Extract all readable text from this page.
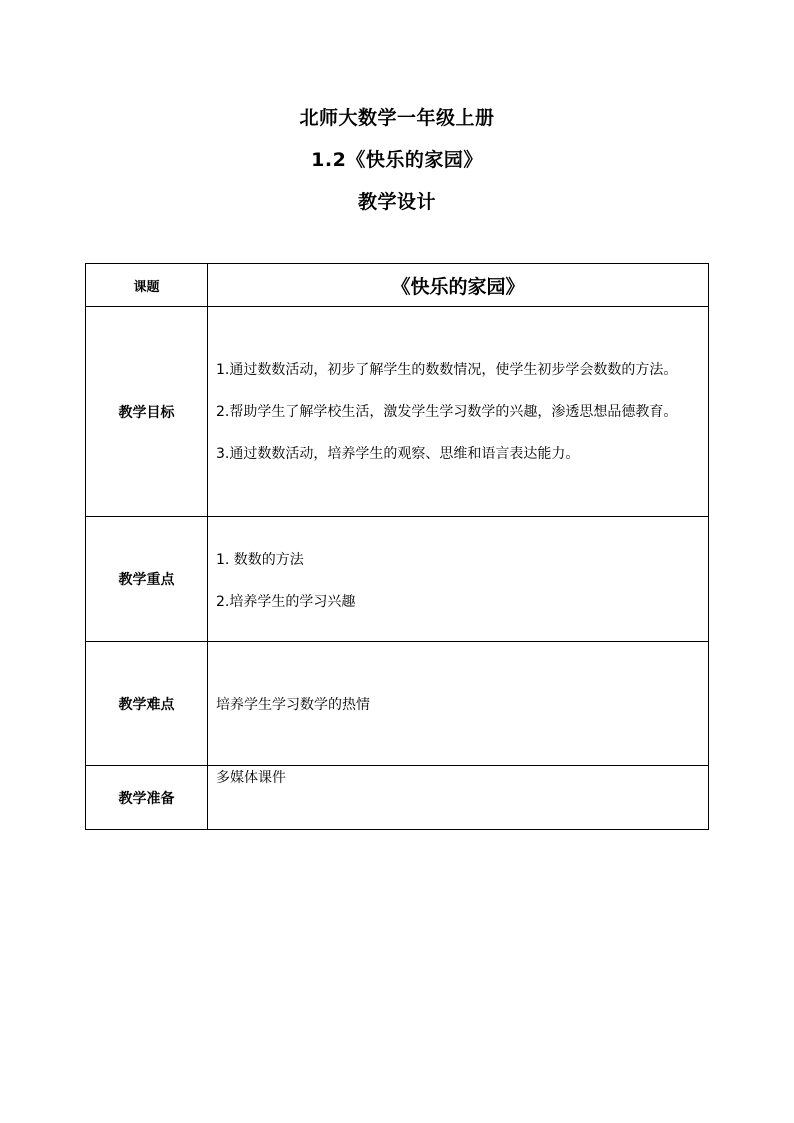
北师大数学一年级上册
1.2《快乐的家园》
教学设计
课题	《快乐的家园》
教学目标	1.通过数数活动，初步了解学生的数数情况，使学生初步学会数数的方法。

2.帮助学生了解学校生活，激发学生学习数学的兴趣，渗透思想品德教育。

3.通过数数活动，培养学生的观察、思维和语言表达能力。

教学重点	1. 数数的方法

2.培养学生的学习兴趣

教学难点	培养学生学习数学的热情
教学准备	多媒体课件
